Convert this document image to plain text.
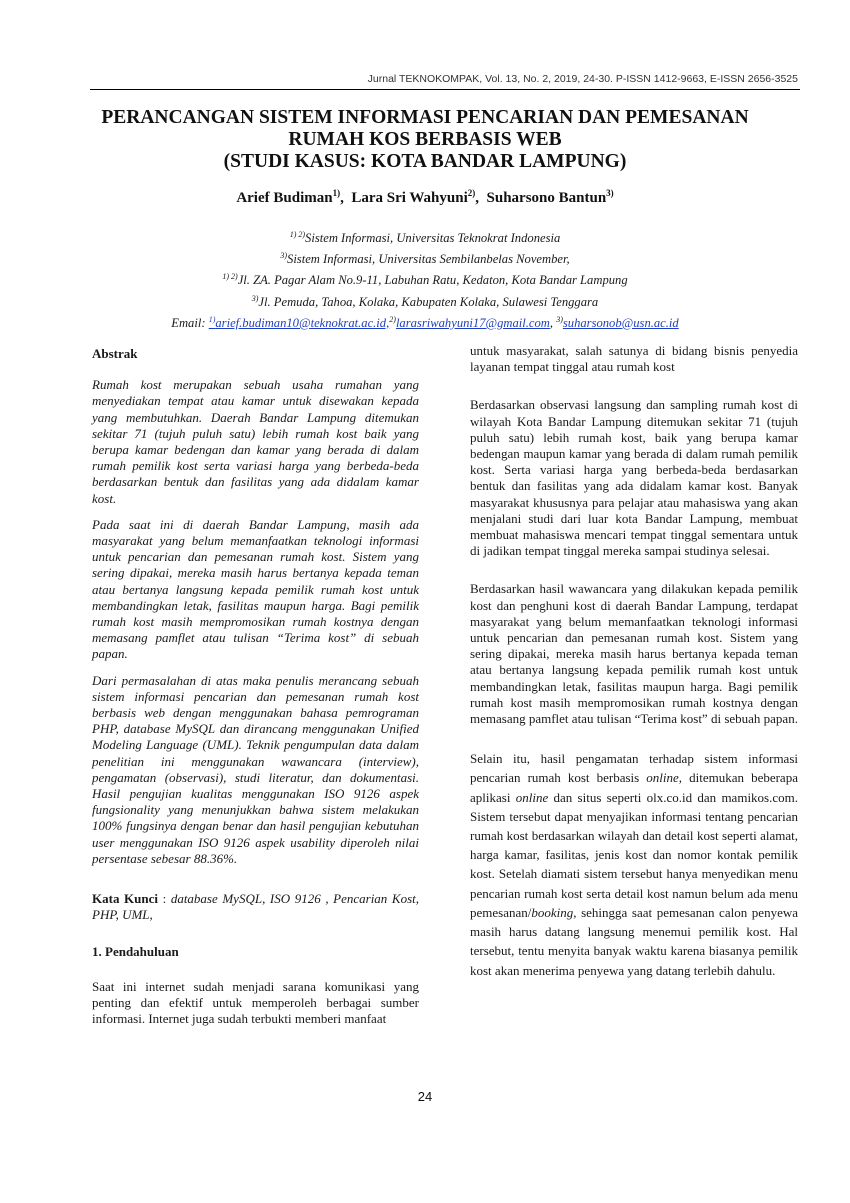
Jurnal TEKNOKOMPAK, Vol. 13, No. 2, 2019, 24-30. P-ISSN 1412-9663, E-ISSN 2656-3525
PERANCANGAN SISTEM INFORMASI PENCARIAN DAN PEMESANAN
RUMAH KOS BERBASIS WEB
(STUDI KASUS: KOTA BANDAR LAMPUNG)
Arief Budiman$^{1)}$,  Lara Sri Wahyuni$^{2)}$,  Suharsono Bantun$^{3)}$
$^{1) 2)}$Sistem Informasi, Universitas Teknokrat Indonesia
$^{3)}$Sistem Informasi, Universitas Sembilanbelas November,
$^{1) 2)}$Jl. ZA. Pagar Alam No.9-11, Labuhan Ratu, Kedaton, Kota Bandar Lampung
$^{3)}$Jl. Pemuda, Tahoa, Kolaka, Kabupaten Kolaka, Sulawesi Tenggara
Email: $^{1)}$arief.budiman10@teknokrat.ac.id,$^{2)}$larasriwahyuni17@gmail.com, $^{3)}$suharsonob@usn.ac.id

Abstrak

Rumah kost merupakan sebuah usaha rumahan yang menyediakan tempat atau kamar untuk disewakan kepada yang membutuhkan. Daerah Bandar Lampung ditemukan sekitar 71 (tujuh puluh satu) lebih rumah kost baik yang berupa kamar bedengan dan kamar yang berada di dalam rumah pemilik kost serta variasi harga yang berbeda-beda berdasarkan bentuk dan fasilitas yang ada didalam kamar kost.

Pada saat ini di daerah Bandar Lampung, masih ada masyarakat yang belum memanfaatkan teknologi informasi untuk pencarian dan pemesanan rumah kost. Sistem yang sering dipakai, mereka masih harus bertanya kepada teman atau bertanya langsung kepada pemilik rumah kost untuk membandingkan letak, fasilitas maupun harga. Bagi pemilik rumah kost masih mempromosikan rumah kostnya dengan memasang pamflet atau tulisan “Terima kost” di sebuah papan.

Dari permasalahan di atas maka penulis merancang sebuah sistem informasi pencarian dan pemesanan rumah kost berbasis web dengan menggunakan bahasa pemrograman PHP, database MySQL dan dirancang menggunakan Unified Modeling Language (UML). Teknik pengumpulan data dalam penelitian ini menggunakan wawancara (interview), pengamatan (observasi), studi literatur, dan dokumentasi. Hasil pengujian kualitas menggunakan ISO 9126 aspek fungsionality yang menunjukkan bahwa sistem melakukan 100% fungsinya dengan benar dan hasil pengujian kebutuhan user menggunakan ISO 9126 aspek usability diperoleh nilai persentase sebesar 88.36%.

Kata Kunci : database MySQL, ISO 9126 , Pencarian Kost, PHP, UML,

1. Pendahuluan

Saat ini internet sudah menjadi sarana komunikasi yang penting dan efektif untuk memperoleh berbagai sumber informasi. Internet juga sudah terbukti memberi manfaat

untuk masyarakat, salah satunya di bidang bisnis penyedia layanan tempat tinggal atau rumah kost

Berdasarkan observasi langsung dan sampling rumah kost di wilayah Kota Bandar Lampung ditemukan sekitar 71 (tujuh puluh satu) lebih rumah kost, baik yang berupa kamar bedengan maupun kamar yang berada di dalam rumah pemilik kost. Serta variasi harga yang berbeda-beda berdasarkan bentuk dan fasilitas yang ada didalam kamar kost. Banyak masyarakat khususnya para pelajar atau mahasiswa yang akan menjalani studi dari luar kota Bandar Lampung, membuat membuat mahasiswa mencari tempat tinggal sementara untuk di jadikan tempat tinggal mereka sampai studinya selesai.

Berdasarkan hasil wawancara yang dilakukan kepada pemilik kost dan penghuni kost di daerah Bandar Lampung, terdapat masyarakat yang belum memanfaatkan teknologi informasi untuk pencarian dan pemesanan rumah kost. Sistem yang sering dipakai, mereka masih harus bertanya kepada teman atau bertanya langsung kepada pemilik rumah kost untuk membandingkan letak, fasilitas maupun harga. Bagi pemilik rumah kost masih mempromosikan rumah kostnya dengan memasang pamflet atau tulisan “Terima kost” di sebuah papan.

Selain itu, hasil pengamatan terhadap sistem informasi pencarian rumah kost berbasis online, ditemukan beberapa aplikasi online dan situs seperti olx.co.id dan mamikos.com. Sistem tersebut dapat menyajikan informasi tentang pencarian rumah kost berdasarkan wilayah dan detail kost seperti alamat, harga kamar, fasilitas, jenis kost dan nomor kontak pemilik kost. Setelah diamati sistem tersebut hanya menyedikan menu pencarian rumah kost serta detail kost namun belum ada menu pemesanan/booking, sehingga saat pemesanan calon penyewa masih harus datang langsung menemui pemilik kost. Hal tersebut, tentu menyita banyak waktu karena biasanya pemilik kost akan menerima penyewa yang datang terlebih dahulu.

24
